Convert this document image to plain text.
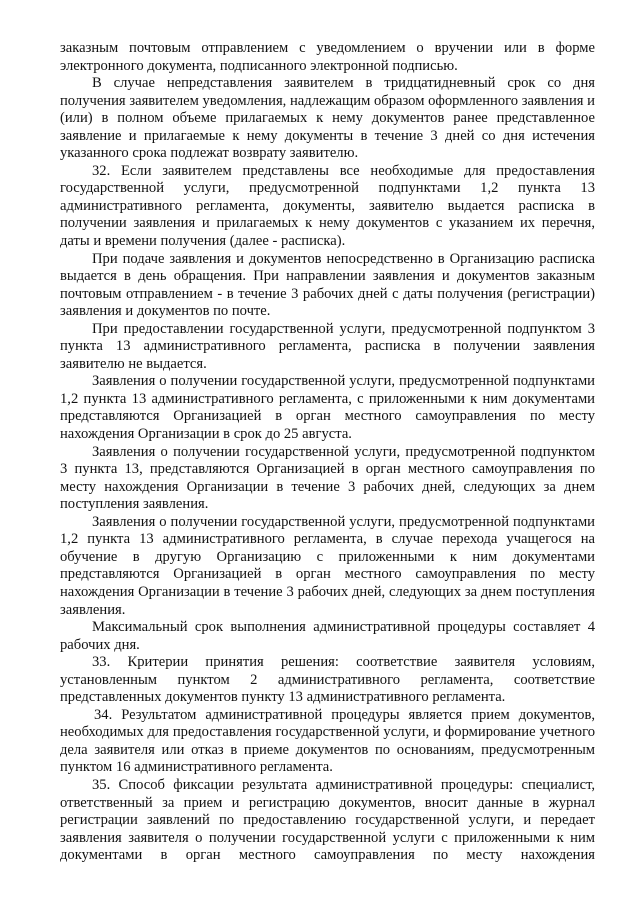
заказным почтовым отправлением с уведомлением о вручении или в форме электронного документа, подписанного электронной подписью.

В случае непредставления заявителем в тридцатидневный срок со дня получения заявителем уведомления, надлежащим образом оформленного заявления и (или) в полном объеме прилагаемых к нему документов ранее представленное заявление и прилагаемые к нему документы в течение 3 дней со дня истечения указанного срока подлежат возврату заявителю.

32. Если заявителем представлены все необходимые для предоставления государственной услуги, предусмотренной подпунктами 1,2 пункта 13 административного регламента, документы, заявителю выдается расписка в получении заявления и прилагаемых к нему документов с указанием их перечня, даты и времени получения (далее - расписка).

При подаче заявления и документов непосредственно в Организацию расписка выдается в день обращения. При направлении заявления и документов заказным почтовым отправлением - в течение 3 рабочих дней с даты получения (регистрации) заявления и документов по почте.

При предоставлении государственной услуги, предусмотренной подпунктом 3 пункта 13 административного регламента, расписка в получении заявления заявителю не выдается.

Заявления о получении государственной услуги, предусмотренной подпунктами 1,2 пункта 13 административного регламента, с приложенными к ним документами представляются Организацией в орган местного самоуправления по месту нахождения Организации в срок до 25 августа.

Заявления о получении государственной услуги, предусмотренной подпунктом 3 пункта 13, представляются Организацией в орган местного самоуправления по месту нахождения Организации в течение 3 рабочих дней, следующих за днем поступления заявления.

Заявления о получении государственной услуги, предусмотренной подпунктами 1,2 пункта 13 административного регламента, в случае перехода учащегося на обучение в другую Организацию с приложенными к ним документами представляются Организацией в орган местного самоуправления по месту нахождения Организации в течение 3 рабочих дней, следующих за днем поступления заявления.

Максимальный срок выполнения административной процедуры составляет 4 рабочих дня.

33. Критерии принятия решения: соответствие заявителя условиям, установленным пунктом 2 административного регламента, соответствие представленных документов пункту 13 административного регламента.

34. Результатом административной процедуры является прием документов, необходимых для предоставления государственной услуги, и формирование учетного дела заявителя или отказ в приеме документов по основаниям, предусмотренным пунктом 16 административного регламента.

35. Способ фиксации результата административной процедуры: специалист, ответственный за прием и регистрацию документов, вносит данные в журнал регистрации заявлений по предоставлению государственной услуги, и передает заявления заявителя о получении государственной услуги с приложенными к ним документами в орган местного самоуправления по месту нахождения
